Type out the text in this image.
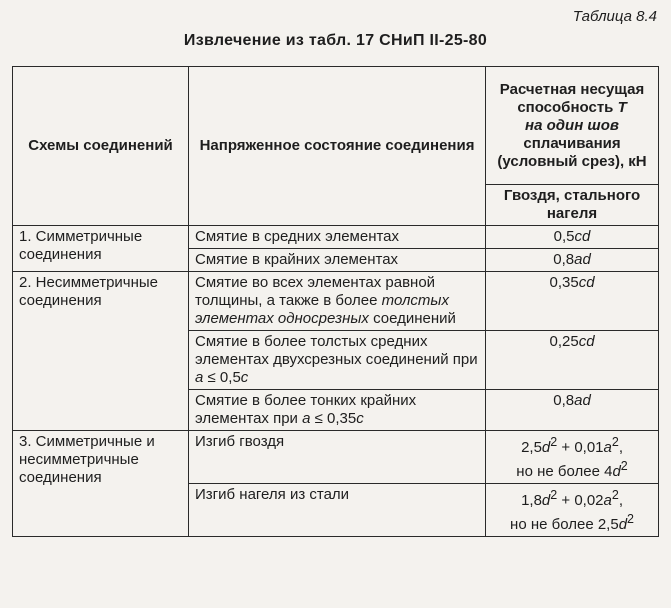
Таблица 8.4
Извлечение из табл. 17 СНиП II-25-80
Схемы соединений	Напряженное состояние соединения	Расчетная несущая способность T
на один шов
сплачивания (условный срез), кН
		Гвоздя, стального нагеля
1. Симметричные соединения	Смятие в средних элементах	0,5cd
	Смятие в крайних элементах	0,8ad
2. Несимметричные соединения	Смятие во всех элементах равной толщины, а также в более толстых элементах односрезных соединений	0,35cd
	Смятие в более толстых средних элементах двухсрезных соединений при a ≤ 0,5c	0,25cd
	Смятие в более тонких крайних элементах при a ≤ 0,35c	0,8ad
3. Симметричные и несимметричные соединения	Изгиб гвоздя	$2,5d^2 + 0,01a^2$,
но не более $4d^2$
	Изгиб нагеля из стали	$1,8d^2 + 0,02a^2$,
но не более $2,5d^2$
